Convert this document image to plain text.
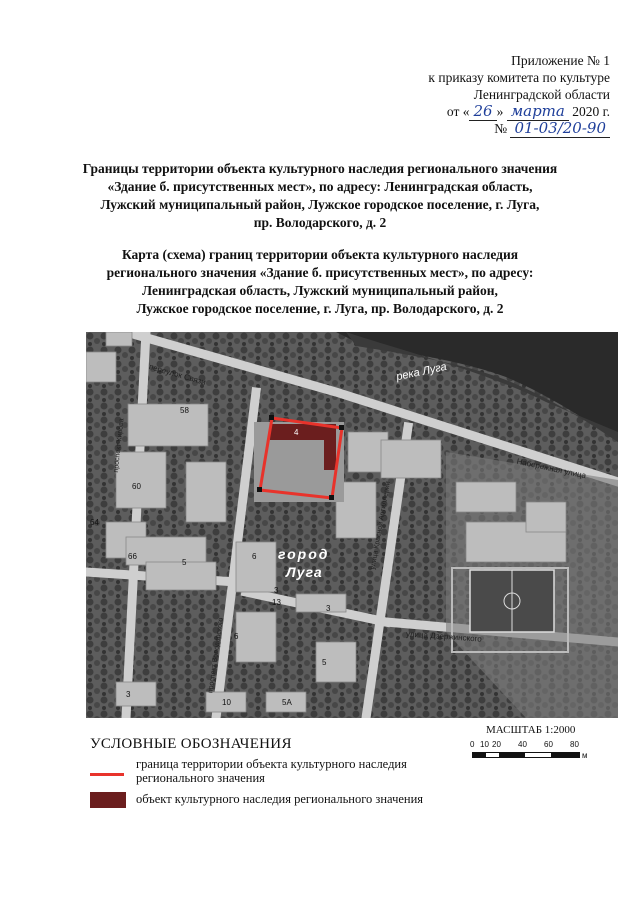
Приложение № 1
к приказу комитета по культуре
Ленинградской области
от « 26 » марта 2020 г.
№ 01-03/20-90
Границы территории объекта культурного наследия регионального значения
«Здание б. присутственных мест», по адресу: Ленинградская область,
Лужский муниципальный район, Лужское городское поселение, г. Луга,
пр. Володарского, д. 2
Карта (схема) границ территории объекта культурного наследия
регионального значения «Здание б. присутственных мест», по адресу:
Ленинградская область, Лужский муниципальный район,
Лужское городское поселение, г. Луга, пр. Володарского, д. 2
река Луга
переулок Связи
Набережная улица
проспект Кирова
проспект Володарского
улица Красной Артиллерии
улица Дзержинского
город
Луга
58
4
60
64
66
5
6
3
13
3
6
5
3
10	5A
МАСШТАБ 1:2000
0 10 20 40 60 80
м
УСЛОВНЫЕ ОБОЗНАЧЕНИЯ
граница территории объекта культурного наследия
регионального значения
объект культурного наследия регионального значения
